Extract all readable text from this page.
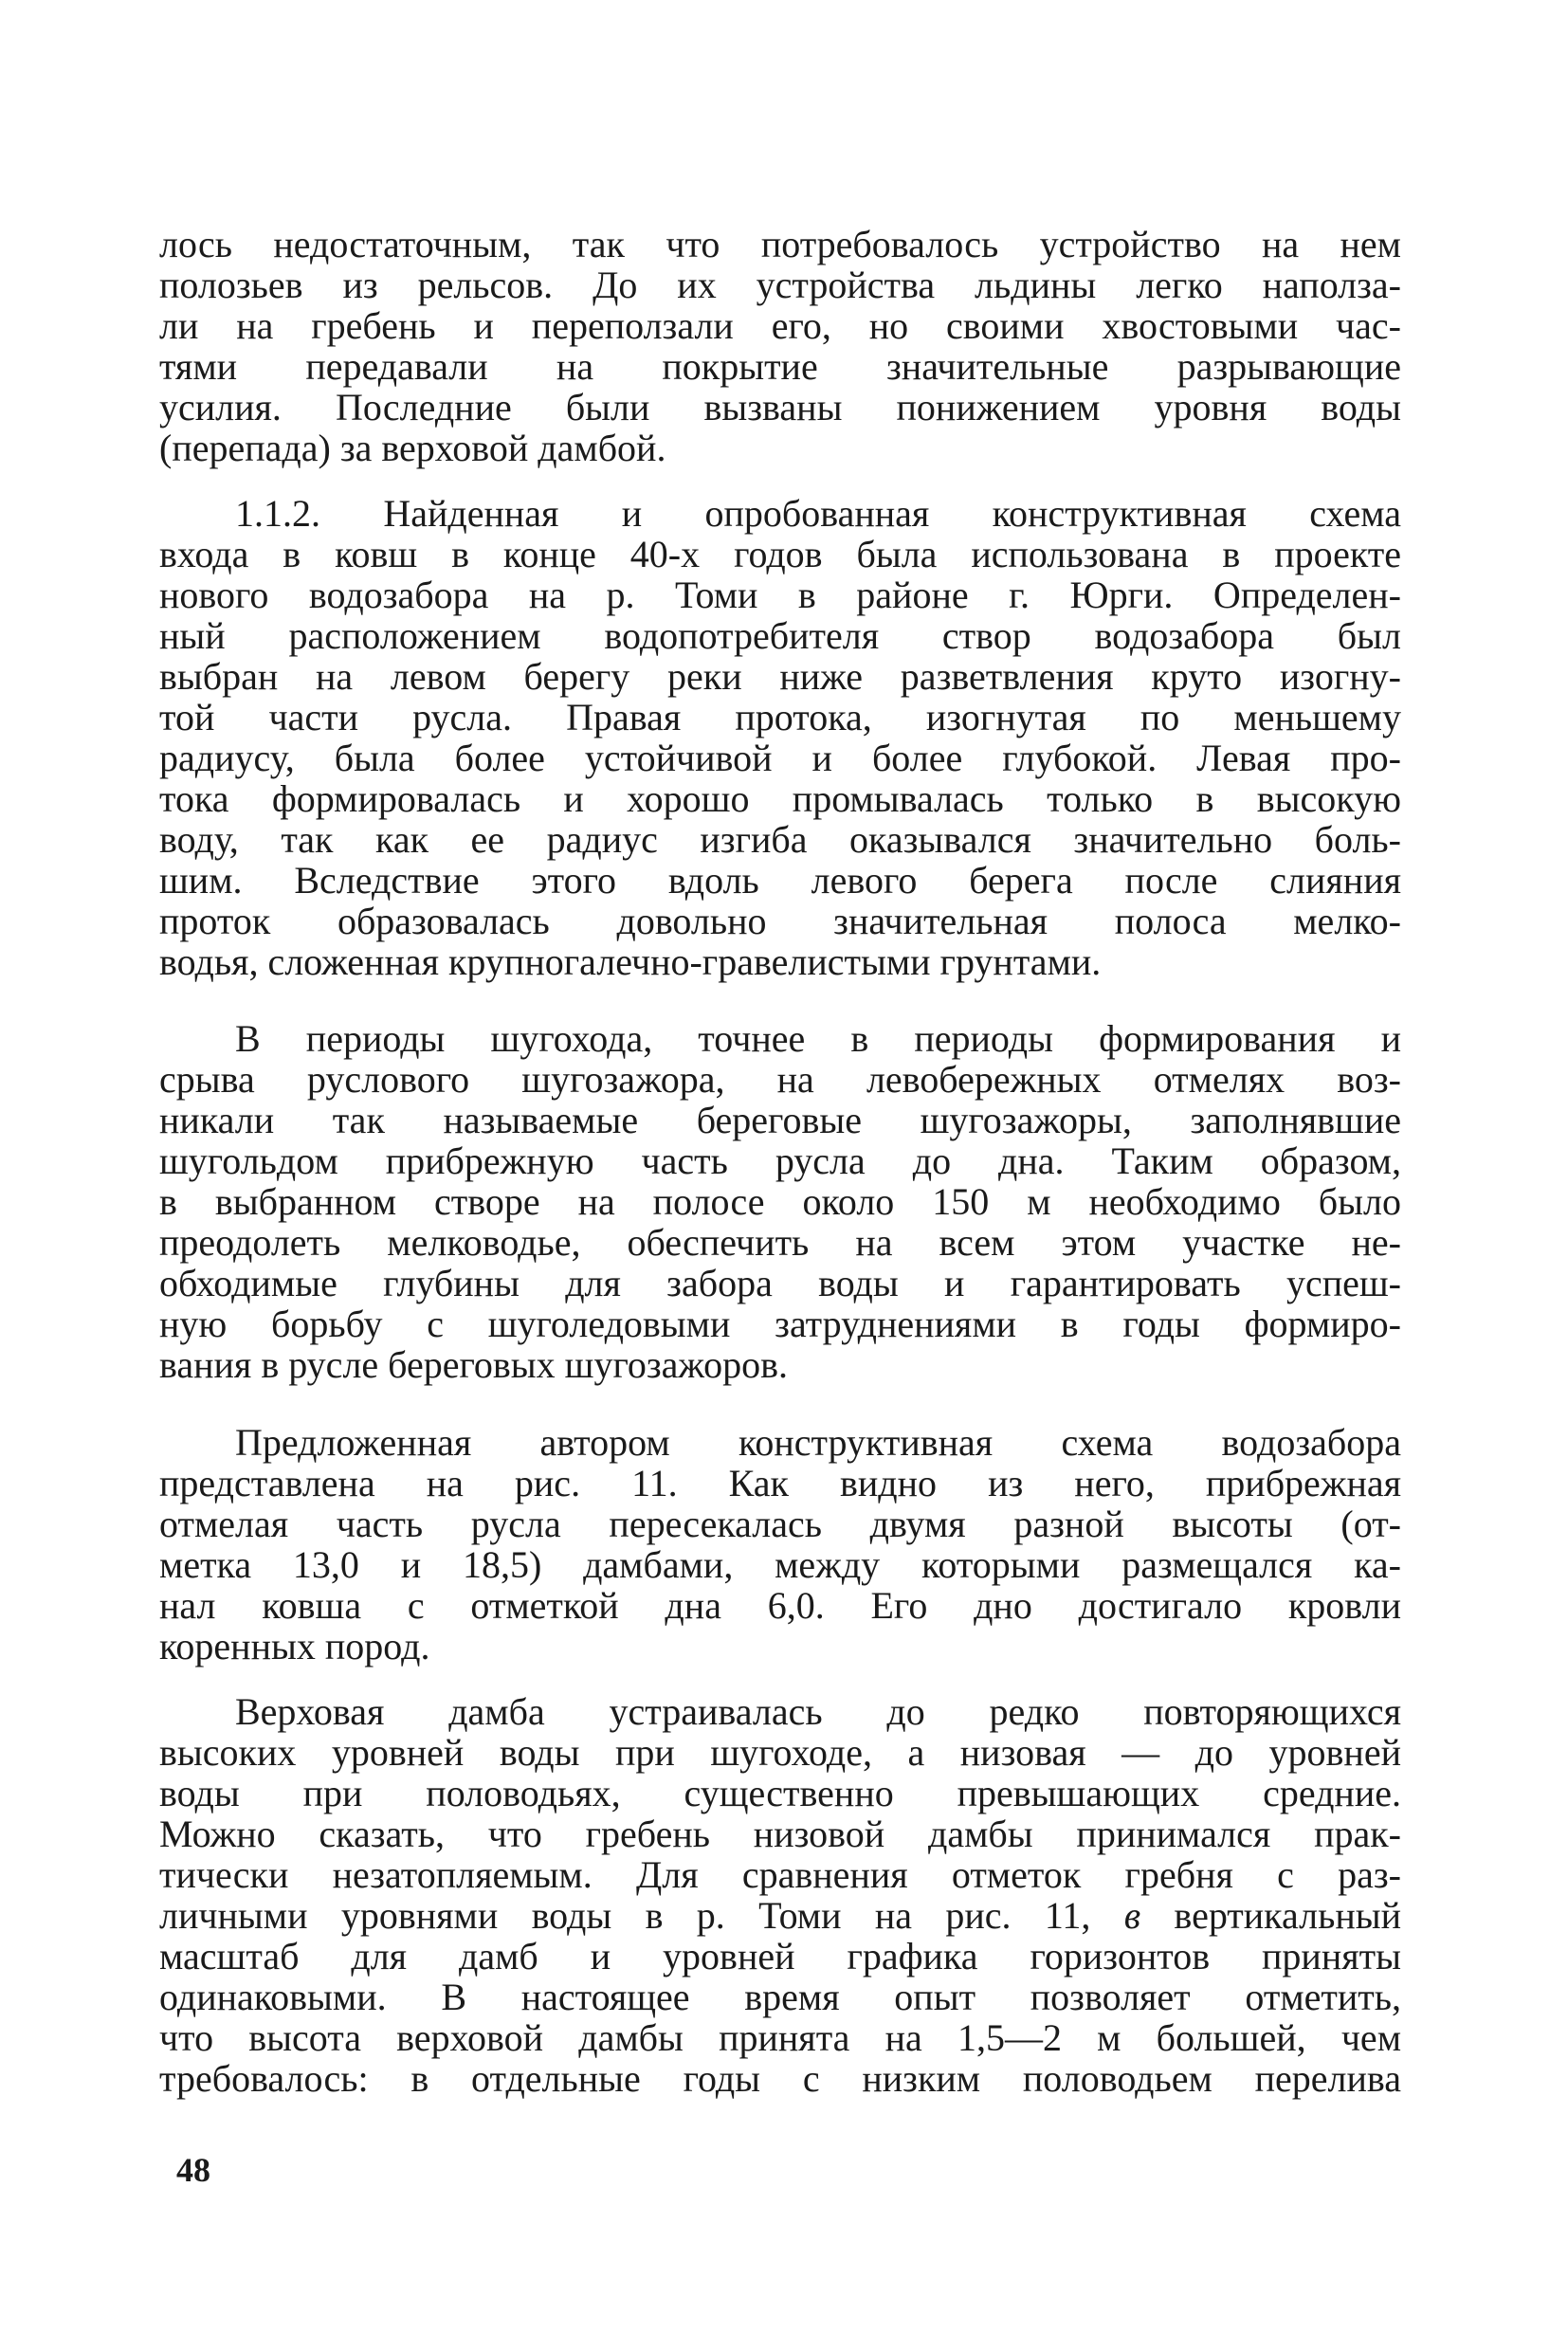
лось недостаточным, так что потребовалось устройство на нем
полозьев из рельсов. До их устройства льдины легко наполза-
ли на гребень и переползали его, но своими хвостовыми час-
тями передавали на покрытие значительные разрывающие
усилия. Последние были вызваны понижением уровня воды
(перепада) за верховой дамбой.
1.1.2. Найденная и опробованная конструктивная схема
входа в ковш в конце 40-х годов была использована в проекте
нового водозабора на р. Томи в районе г. Юрги. Определен-
ный расположением водопотребителя створ водозабора был
выбран на левом берегу реки ниже разветвления круто изогну-
той части русла. Правая протока, изогнутая по меньшему
радиусу, была более устойчивой и более глубокой. Левая про-
тока формировалась и хорошо промывалась только в высокую
воду, так как ее радиус изгиба оказывался значительно боль-
шим. Вследствие этого вдоль левого берега после слияния
проток образовалась довольно значительная полоса мелко-
водья, сложенная крупногалечно-гравелистыми грунтами.
В периоды шугохода, точнее в периоды формирования и
срыва руслового шугозажора, на левобережных отмелях воз-
никали так называемые береговые шугозажоры, заполнявшие
шугольдом прибрежную часть русла до дна. Таким образом,
в выбранном створе на полосе около 150 м необходимо было
преодолеть мелководье, обеспечить на всем этом участке не-
обходимые глубины для забора воды и гарантировать успеш-
ную борьбу с шуголедовыми затруднениями в годы формиро-
вания в русле береговых шугозажоров.
Предложенная автором конструктивная схема водозабора
представлена на рис. 11. Как видно из него, прибрежная
отмелая часть русла пересекалась двумя разной высоты (от-
метка 13,0 и 18,5) дамбами, между которыми размещался ка-
нал ковша с отметкой дна 6,0. Его дно достигало кровли
коренных пород.
Верховая дамба устраивалась до редко повторяющихся
высоких уровней воды при шугоходе, а низовая — до уровней
воды при половодьях, существенно превышающих средние.
Можно сказать, что гребень низовой дамбы принимался прак-
тически незатопляемым. Для сравнения отметок гребня с раз-
личными уровнями воды в р. Томи на рис. 11, в вертикальный
масштаб для дамб и уровней графика горизонтов приняты
одинаковыми. В настоящее время опыт позволяет отметить,
что высота верховой дамбы принята на 1,5—2 м большей, чем
требовалось: в отдельные годы с низким половодьем перелива
48
